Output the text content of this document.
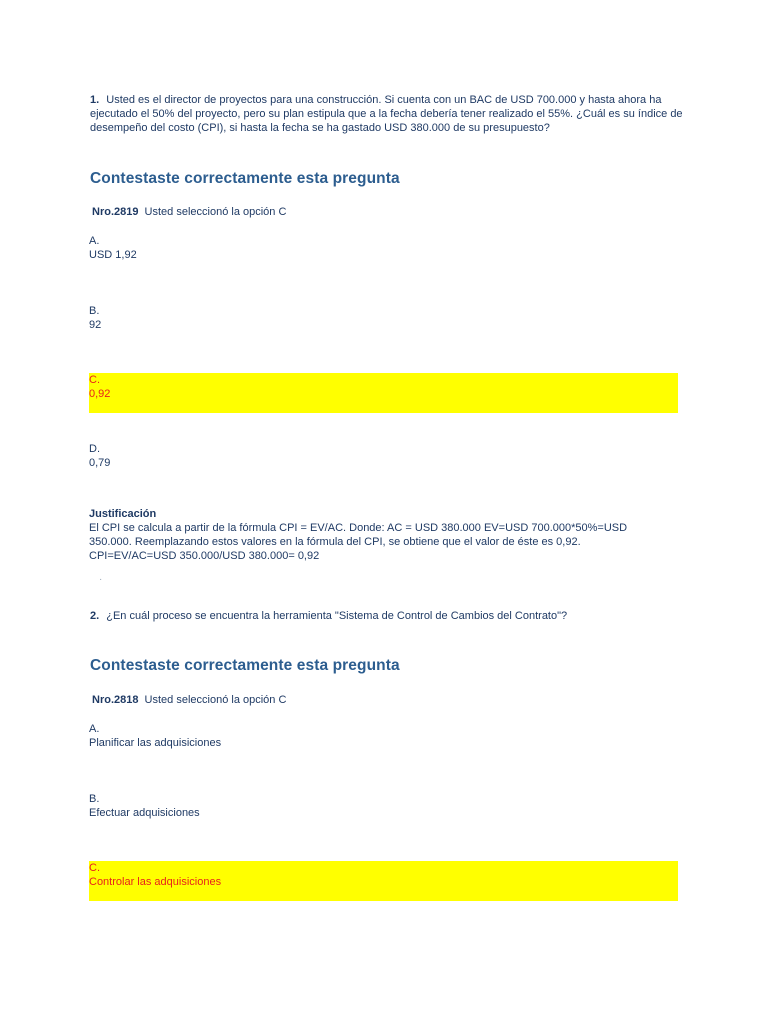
1. Usted es el director de proyectos para una construcción. Si cuenta con un BAC de USD 700.000 y hasta ahora ha ejecutado el 50% del proyecto, pero su plan estipula que a la fecha debería tener realizado el 55%. ¿Cuál es su índice de desempeño del costo (CPI), si hasta la fecha se ha gastado USD 380.000 de su presupuesto?
Contestaste correctamente esta pregunta
Nro.2819 Usted seleccionó la opción C
A.
USD 1,92
B.
92
C.
0,92
D.
0,79
Justificación
El CPI se calcula a partir de la fórmula CPI = EV/AC. Donde: AC = USD 380.000 EV=USD 700.000*50%=USD 350.000. Reemplazando estos valores en la fórmula del CPI, se obtiene que el valor de éste es 0,92. CPI=EV/AC=USD 350.000/USD 380.000= 0,92
·
2. ¿En cuál proceso se encuentra la herramienta "Sistema de Control de Cambios del Contrato"?
Contestaste correctamente esta pregunta
Nro.2818 Usted seleccionó la opción C
A.
Planificar las adquisiciones
B.
Efectuar adquisiciones
C.
Controlar las adquisiciones
